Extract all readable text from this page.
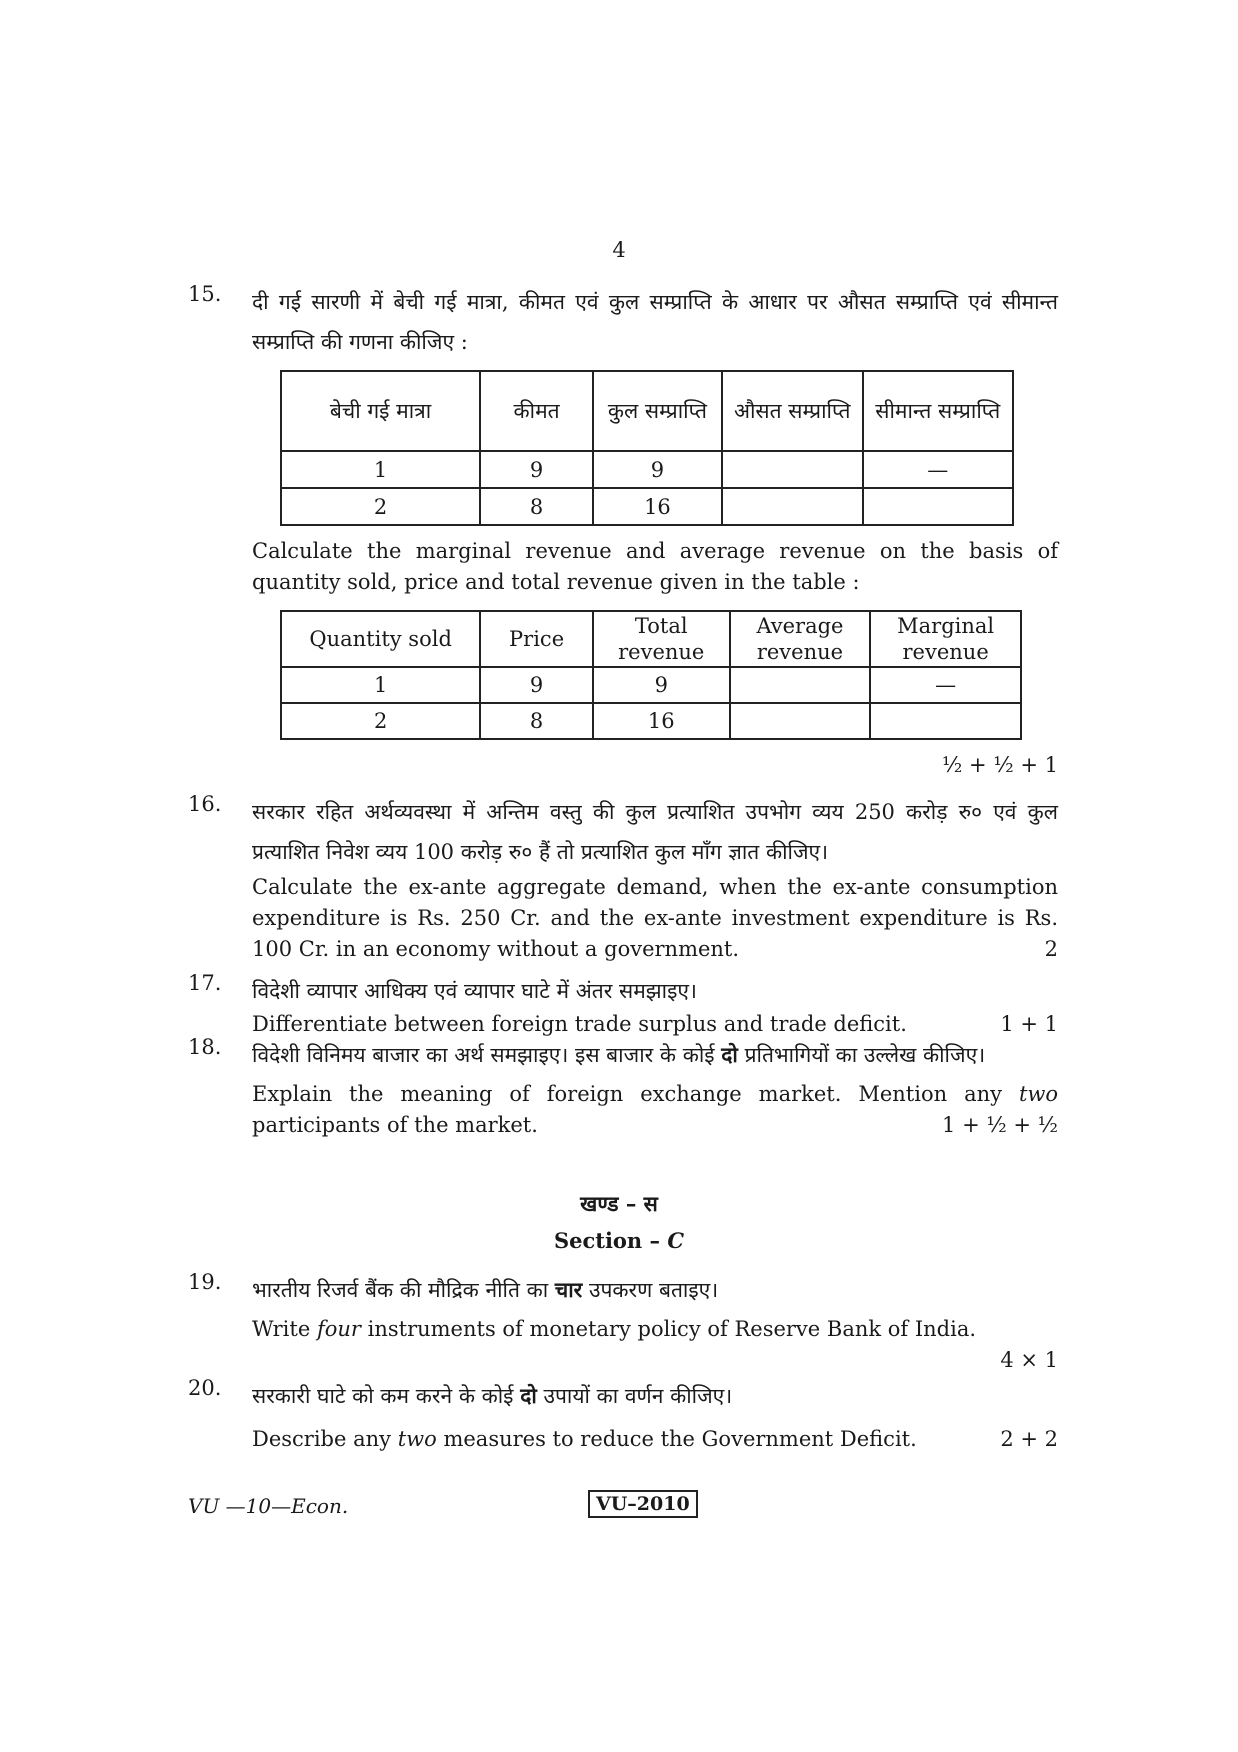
4
15. दी गई सारणी में बेची गई मात्रा, कीमत एवं कुल सम्प्राप्ति के आधार पर औसत सम्प्राप्ति एवं सीमान्त सम्प्राप्ति की गणना कीजिए :
बेची गई मात्रा	कीमत	कुल सम्प्राप्ति	औसत सम्प्राप्ति	सीमान्त सम्प्राप्ति
1	9	9		—
2	8	16		
Calculate the marginal revenue and average revenue on the basis of quantity sold, price and total revenue given in the table :
Quantity sold	Price	Total revenue	Average revenue	Marginal revenue
1	9	9		—
2	8	16		
½ + ½ + 1
16. सरकार रहित अर्थव्यवस्था में अन्तिम वस्तु की कुल प्रत्याशित उपभोग व्यय 250 करोड़ रु० एवं कुल प्रत्याशित निवेश व्यय 100 करोड़ रु० हैं तो प्रत्याशित कुल माँग ज्ञात कीजिए।
Calculate the ex-ante aggregate demand, when the ex-ante consumption expenditure is Rs. 250 Cr. and the ex-ante investment expenditure is Rs. 100 Cr. in an economy without a government.	2
17. विदेशी व्यापार आधिक्य एवं व्यापार घाटे में अंतर समझाइए।
Differentiate between foreign trade surplus and trade deficit.	1 + 1
18. विदेशी विनिमय बाजार का अर्थ समझाइए। इस बाजार के कोई दो प्रतिभागियों का उल्लेख कीजिए।
Explain the meaning of foreign exchange market. Mention any two participants of the market.	1 + ½ + ½
खण्ड – स
Section – C
19. भारतीय रिजर्व बैंक की मौद्रिक नीति का चार उपकरण बताइए।
Write four instruments of monetary policy of Reserve Bank of India.
4 × 1
20. सरकारी घाटे को कम करने के कोई दो उपायों का वर्णन कीजिए।
Describe any two measures to reduce the Government Deficit.	2 + 2
VU —10—Econ.	VU–2010
